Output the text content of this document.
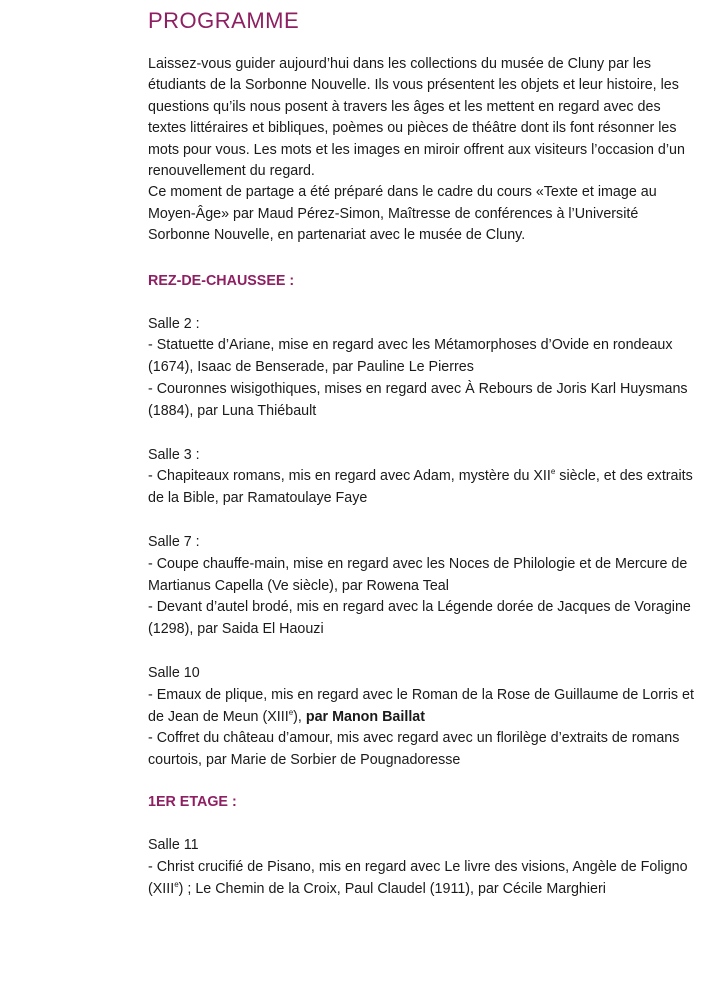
PROGRAMME

Laissez-vous guider aujourd’hui dans les collections du musée de Cluny par les étudiants de la Sorbonne Nouvelle. Ils vous présentent les objets et leur histoire, les questions qu’ils nous posent à travers les âges et les mettent en regard avec des textes littéraires et bibliques, poèmes ou pièces de théâtre dont ils font résonner les mots pour vous. Les mots et les images en miroir offrent aux visiteurs l’occasion d’un renouvellement du regard.

Ce moment de partage a été préparé dans le cadre du cours «Texte et image au Moyen-Âge» par Maud Pérez-Simon, Maîtresse de conférences à l’Université Sorbonne Nouvelle, en partenariat avec le musée de Cluny.

REZ-DE-CHAUSSEE :
Salle 2 :
- Statuette d’Ariane, mise en regard avec les Métamorphoses d’Ovide en rondeaux (1674), Isaac de Benserade, par Pauline Le Pierres
- Couronnes wisigothiques, mises en regard avec À Rebours de Joris Karl Huysmans (1884), par Luna Thiébault
Salle 3 :
- Chapiteaux romans, mis en regard avec Adam, mystère du XIIe siècle, et des extraits de la Bible, par Ramatoulaye Faye
Salle 7 :
- Coupe chauffe-main, mise en regard avec les Noces de Philologie et de Mercure de Martianus Capella (Ve siècle), par Rowena Teal
- Devant d’autel brodé, mis en regard avec la Légende dorée de Jacques de Voragine (1298), par Saida El Haouzi
Salle 10
- Emaux de plique, mis en regard avec le Roman de la Rose de Guillaume de Lorris et de Jean de Meun (XIIIe), par Manon Baillat
- Coffret du château d’amour, mis avec regard avec un florilège d’extraits de romans courtois, par Marie de Sorbier de Pougnadoresse
1ER ETAGE :
Salle 11
- Christ crucifié de Pisano, mis en regard avec Le livre des visions, Angèle de Foligno (XIIIe) ; Le Chemin de la Croix, Paul Claudel (1911), par Cécile Marghieri
